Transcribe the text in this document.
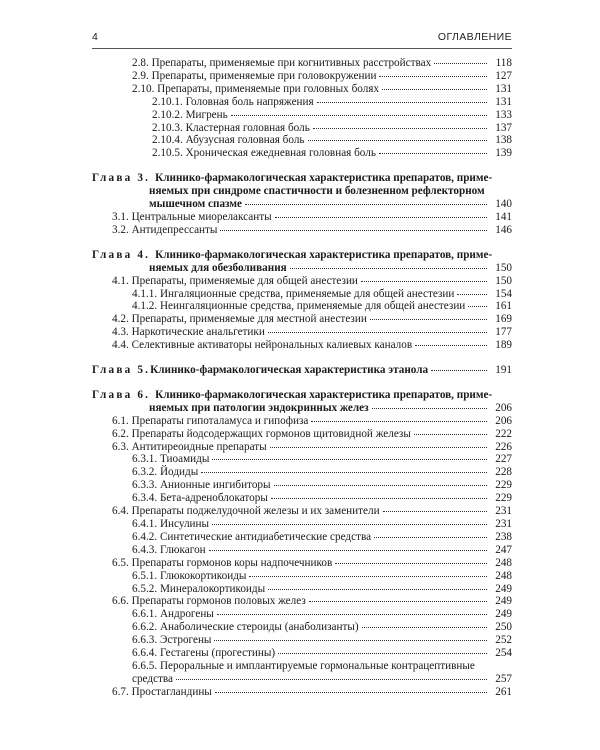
4	ОГЛАВЛЕНИЕ
2.8. Препараты, применяемые при когнитивных расстройствах	118
2.9. Препараты, применяемые при головокружении	127
2.10. Препараты, применяемые при головных болях	131
2.10.1. Головная боль напряжения	131
2.10.2. Мигрень	133
2.10.3. Кластерная головная боль	137
2.10.4. Абузусная головная боль	138
2.10.5. Хроническая ежедневная головная боль	139
Глава 3. Клинико-фармакологическая характеристика препаратов, приме-
няемых при синдроме спастичности и болезненном рефлекторном
мышечном спазме	140
3.1. Центральные миорелаксанты	141
3.2. Антидепрессанты	146
Глава 4. Клинико-фармакологическая характеристика препаратов, приме-
няемых для обезболивания	150
4.1. Препараты, применяемые для общей анестезии	150
4.1.1. Ингаляционные средства, применяемые для общей анестезии	154
4.1.2. Неингаляционные средства, применяемые для общей анестезии	161
4.2. Препараты, применяемые для местной анестезии	169
4.3. Наркотические анальгетики	177
4.4. Селективные активаторы нейрональных калиевых каналов	189
Глава 5. Клинико-фармакологическая характеристика этанола	191
Глава 6. Клинико-фармакологическая характеристика препаратов, приме-
няемых при патологии эндокринных желез	206
6.1. Препараты гипоталамуса и гипофиза	206
6.2. Препараты йодсодержащих гормонов щитовидной железы	222
6.3. Антитиреоидные препараты	226
6.3.1. Тиоамиды	227
6.3.2. Йодиды	228
6.3.3. Анионные ингибиторы	229
6.3.4. Бета-адреноблокаторы	229
6.4. Препараты поджелудочной железы и их заменители	231
6.4.1. Инсулины	231
6.4.2. Синтетические антидиабетические средства	238
6.4.3. Глюкагон	247
6.5. Препараты гормонов коры надпочечников	248
6.5.1. Глюкокортикоиды	248
6.5.2. Минералокортикоиды	249
6.6. Препараты гормонов половых желез	249
6.6.1. Андрогены	249
6.6.2. Анаболические стероиды (анаболизанты)	250
6.6.3. Эстрогены	252
6.6.4. Гестагены (прогестины)	254
6.6.5. Пероральные и имплантируемые гормональные контрацептивные
средства	257
6.7. Простагландины	261
